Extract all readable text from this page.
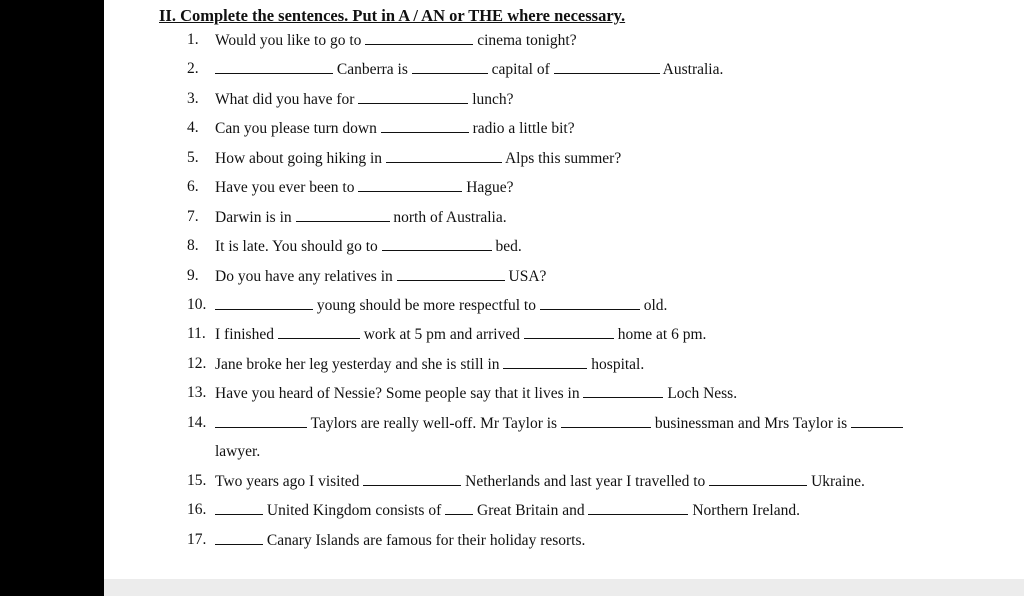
II. Complete the sentences. Put in A / AN or THE where necessary.
1. Would you like to go to	cinema tonight?
2.	Canberra is	capital of	Australia.
3. What did you have for	lunch?
4. Can you please turn down	radio a little bit?
5. How about going hiking in	Alps this summer?
6. Have you ever been to	Hague?
7. Darwin is in	north of Australia.
8. It is late. You should go to	bed.
9. Do you have any relatives in	USA?
10.	young should be more respectful to	old.
11. I finished	work at 5 pm and arrived	home at 6 pm.
12. Jane broke her leg yesterday and she is still in	hospital.
13. Have you heard of Nessie? Some people say that it lives in	Loch Ness.
14.	Taylors are really well-off. Mr Taylor is	businessman and Mrs Taylor is
lawyer.
15. Two years ago I visited	Netherlands and last year I travelled to	Ukraine.
16.	United Kingdom consists of Great Britain and	Northern Ireland.
17.	Canary Islands are famous for their holiday resorts.
